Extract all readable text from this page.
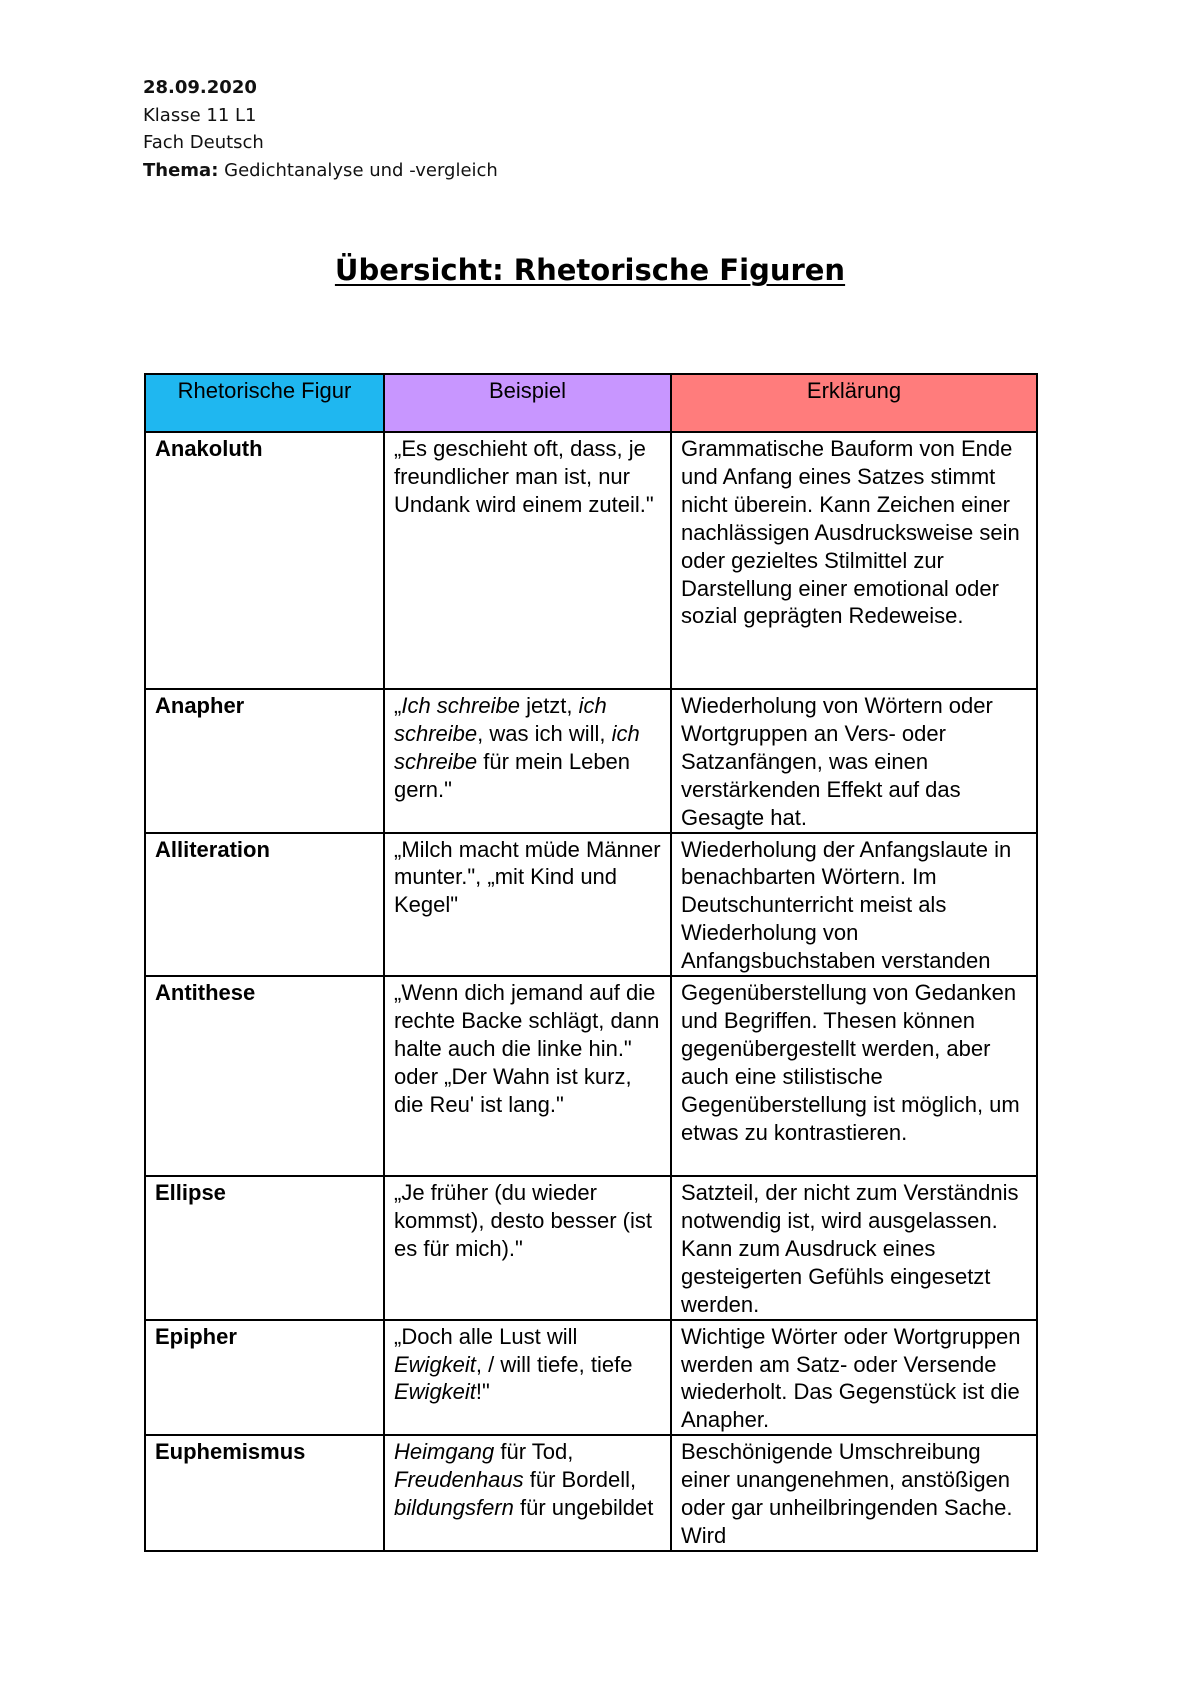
28.09.2020
Klasse 11 L1
Fach Deutsch
Thema: Gedichtanalyse und -vergleich
Übersicht: Rhetorische Figuren
Rhetorische Figur	Beispiel	Erklärung
Anakoluth	„Es geschieht oft, dass, je freundlicher man ist, nur Undank wird einem zuteil."	Grammatische Bauform von Ende und Anfang eines Satzes stimmt nicht überein. Kann Zeichen einer nachlässigen Ausdrucksweise sein oder gezieltes Stilmittel zur Darstellung einer emotional oder sozial geprägten Redeweise.
Anapher	„Ich schreibe jetzt, ich schreibe, was ich will, ich schreibe für mein Leben gern."	Wiederholung von Wörtern oder Wortgruppen an Vers- oder Satzanfängen, was einen verstärkenden Effekt auf das Gesagte hat.
Alliteration	„Milch macht müde Männer munter.", „mit Kind und Kegel"	Wiederholung der Anfangslaute in benachbarten Wörtern. Im Deutschunterricht meist als Wiederholung von Anfangsbuchstaben verstanden
Antithese	„Wenn dich jemand auf die rechte Backe schlägt, dann halte auch die linke hin." oder „Der Wahn ist kurz, die Reu' ist lang."	Gegenüberstellung von Gedanken und Begriffen. Thesen können gegenübergestellt werden, aber auch eine stilistische Gegenüberstellung ist möglich, um etwas zu kontrastieren.
Ellipse	„Je früher (du wieder kommst), desto besser (ist es für mich)."	Satzteil, der nicht zum Verständnis notwendig ist, wird ausgelassen. Kann zum Ausdruck eines gesteigerten Gefühls eingesetzt werden.
Epipher	„Doch alle Lust will Ewigkeit, / will tiefe, tiefe Ewigkeit!"	Wichtige Wörter oder Wortgruppen werden am Satz- oder Versende wiederholt. Das Gegenstück ist die Anapher.
Euphemismus	Heimgang für Tod, Freudenhaus für Bordell, bildungsfern für ungebildet	Beschönigende Umschreibung einer unangenehmen, anstößigen oder gar unheilbringenden Sache. Wird
